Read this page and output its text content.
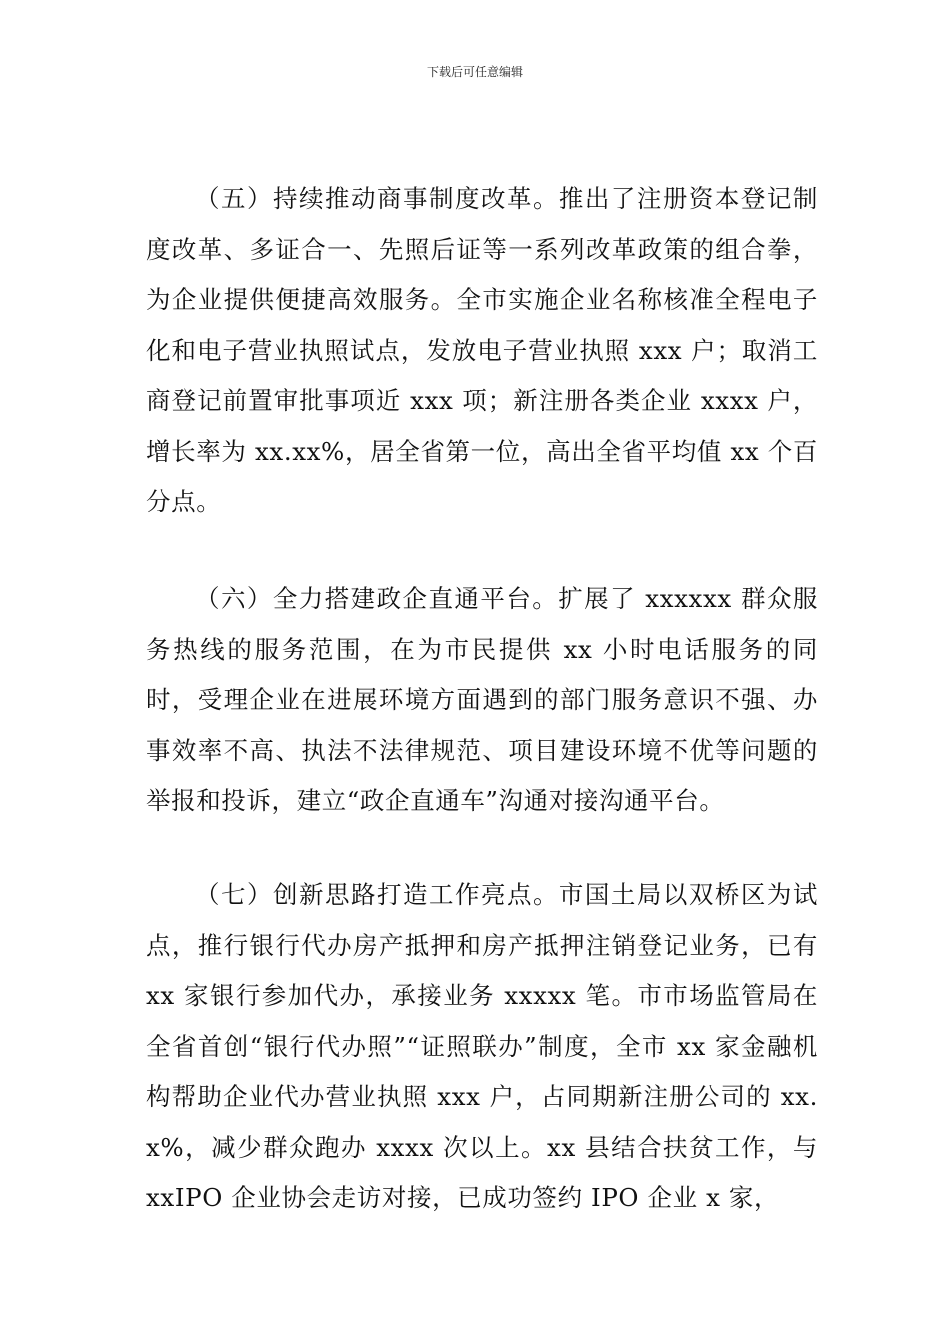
下载后可任意编辑

（五）持续推动商事制度改革。推出了注册资本登记制度改革、多证合一、先照后证等一系列改革政策的组合拳，为企业提供便捷高效服务。全市实施企业名称核准全程电子化和电子营业执照试点，发放电子营业执照 xxx 户；取消工商登记前置审批事项近 xxx 项；新注册各类企业 xxxx 户，增长率为 xx.xx%，居全省第一位，高出全省平均值 xx 个百分点。

（六）全力搭建政企直通平台。扩展了 xxxxxx 群众服务热线的服务范围，在为市民提供 xx 小时电话服务的同时，受理企业在进展环境方面遇到的部门服务意识不强、办事效率不高、执法不法律规范、项目建设环境不优等问题的举报和投诉，建立“政企直通车”沟通对接沟通平台。

（七）创新思路打造工作亮点。市国土局以双桥区为试点，推行银行代办房产抵押和房产抵押注销登记业务，已有 xx 家银行参加代办，承接业务 xxxxx 笔。市市场监管局在全省首创“银行代办照”“证照联办”制度，全市 xx 家金融机构帮助企业代办营业执照 xxx 户，占同期新注册公司的 xx.x%，减少群众跑办 xxxx 次以上。xx 县结合扶贫工作，与 xxIPO 企业协会走访对接，已成功签约 IPO 企业 x 家，
